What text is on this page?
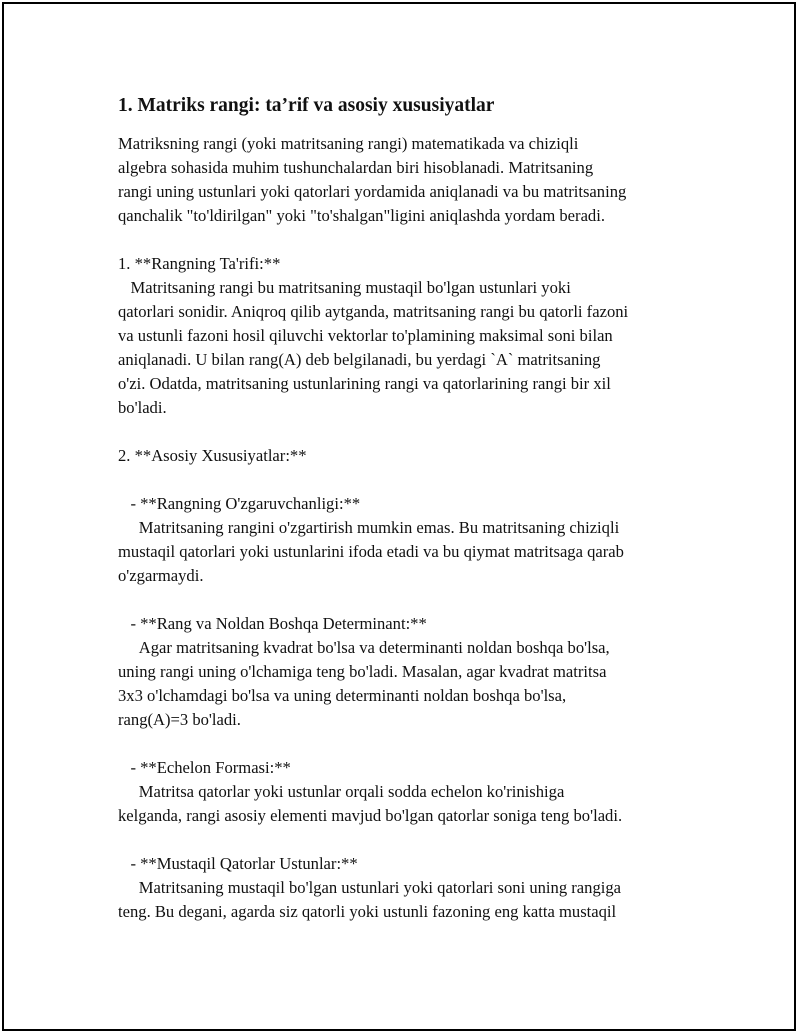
1. Matriks rangi: ta’rif va asosiy xususiyatlar

Matriksning rangi (yoki matritsaning rangi) matematikada va chiziqli
algebra sohasida muhim tushunchalardan biri hisoblanadi. Matritsaning
rangi uning ustunlari yoki qatorlari yordamida aniqlanadi va bu matritsaning
qanchalik "to'ldirilgan" yoki "to'shalgan"ligini aniqlashda yordam beradi.

1. **Rangning Ta'rifi:**
Matritsaning rangi bu matritsaning mustaqil bo'lgan ustunlari yoki
qatorlari sonidir. Aniqroq qilib aytganda, matritsaning rangi bu qatorli fazoni
va ustunli fazoni hosil qiluvchi vektorlar to'plamining maksimal soni bilan
aniqlanadi. U bilan rang(A) deb belgilanadi, bu yerdagi `A` matritsaning
o'zi. Odatda, matritsaning ustunlarining rangi va qatorlarining rangi bir xil
bo'ladi.

2. **Asosiy Xususiyatlar:**

- **Rangning O'zgaruvchanligi:**
Matritsaning rangini o'zgartirish mumkin emas. Bu matritsaning chiziqli
mustaqil qatorlari yoki ustunlarini ifoda etadi va bu qiymat matritsaga qarab
o'zgarmaydi.

- **Rang va Noldan Boshqa Determinant:**
Agar matritsaning kvadrat bo'lsa va determinanti noldan boshqa bo'lsa,
uning rangi uning o'lchamiga teng bo'ladi. Masalan, agar kvadrat matritsa
3x3 o'lchamdagi bo'lsa va uning determinanti noldan boshqa bo'lsa,
rang(A)=3 bo'ladi.

- **Echelon Formasi:**
Matritsa qatorlar yoki ustunlar orqali sodda echelon ko'rinishiga
kelganda, rangi asosiy elementi mavjud bo'lgan qatorlar soniga teng bo'ladi.

- **Mustaqil Qatorlar Ustunlar:**
Matritsaning mustaqil bo'lgan ustunlari yoki qatorlari soni uning rangiga
teng. Bu degani, agarda siz qatorli yoki ustunli fazoning eng katta mustaqil
